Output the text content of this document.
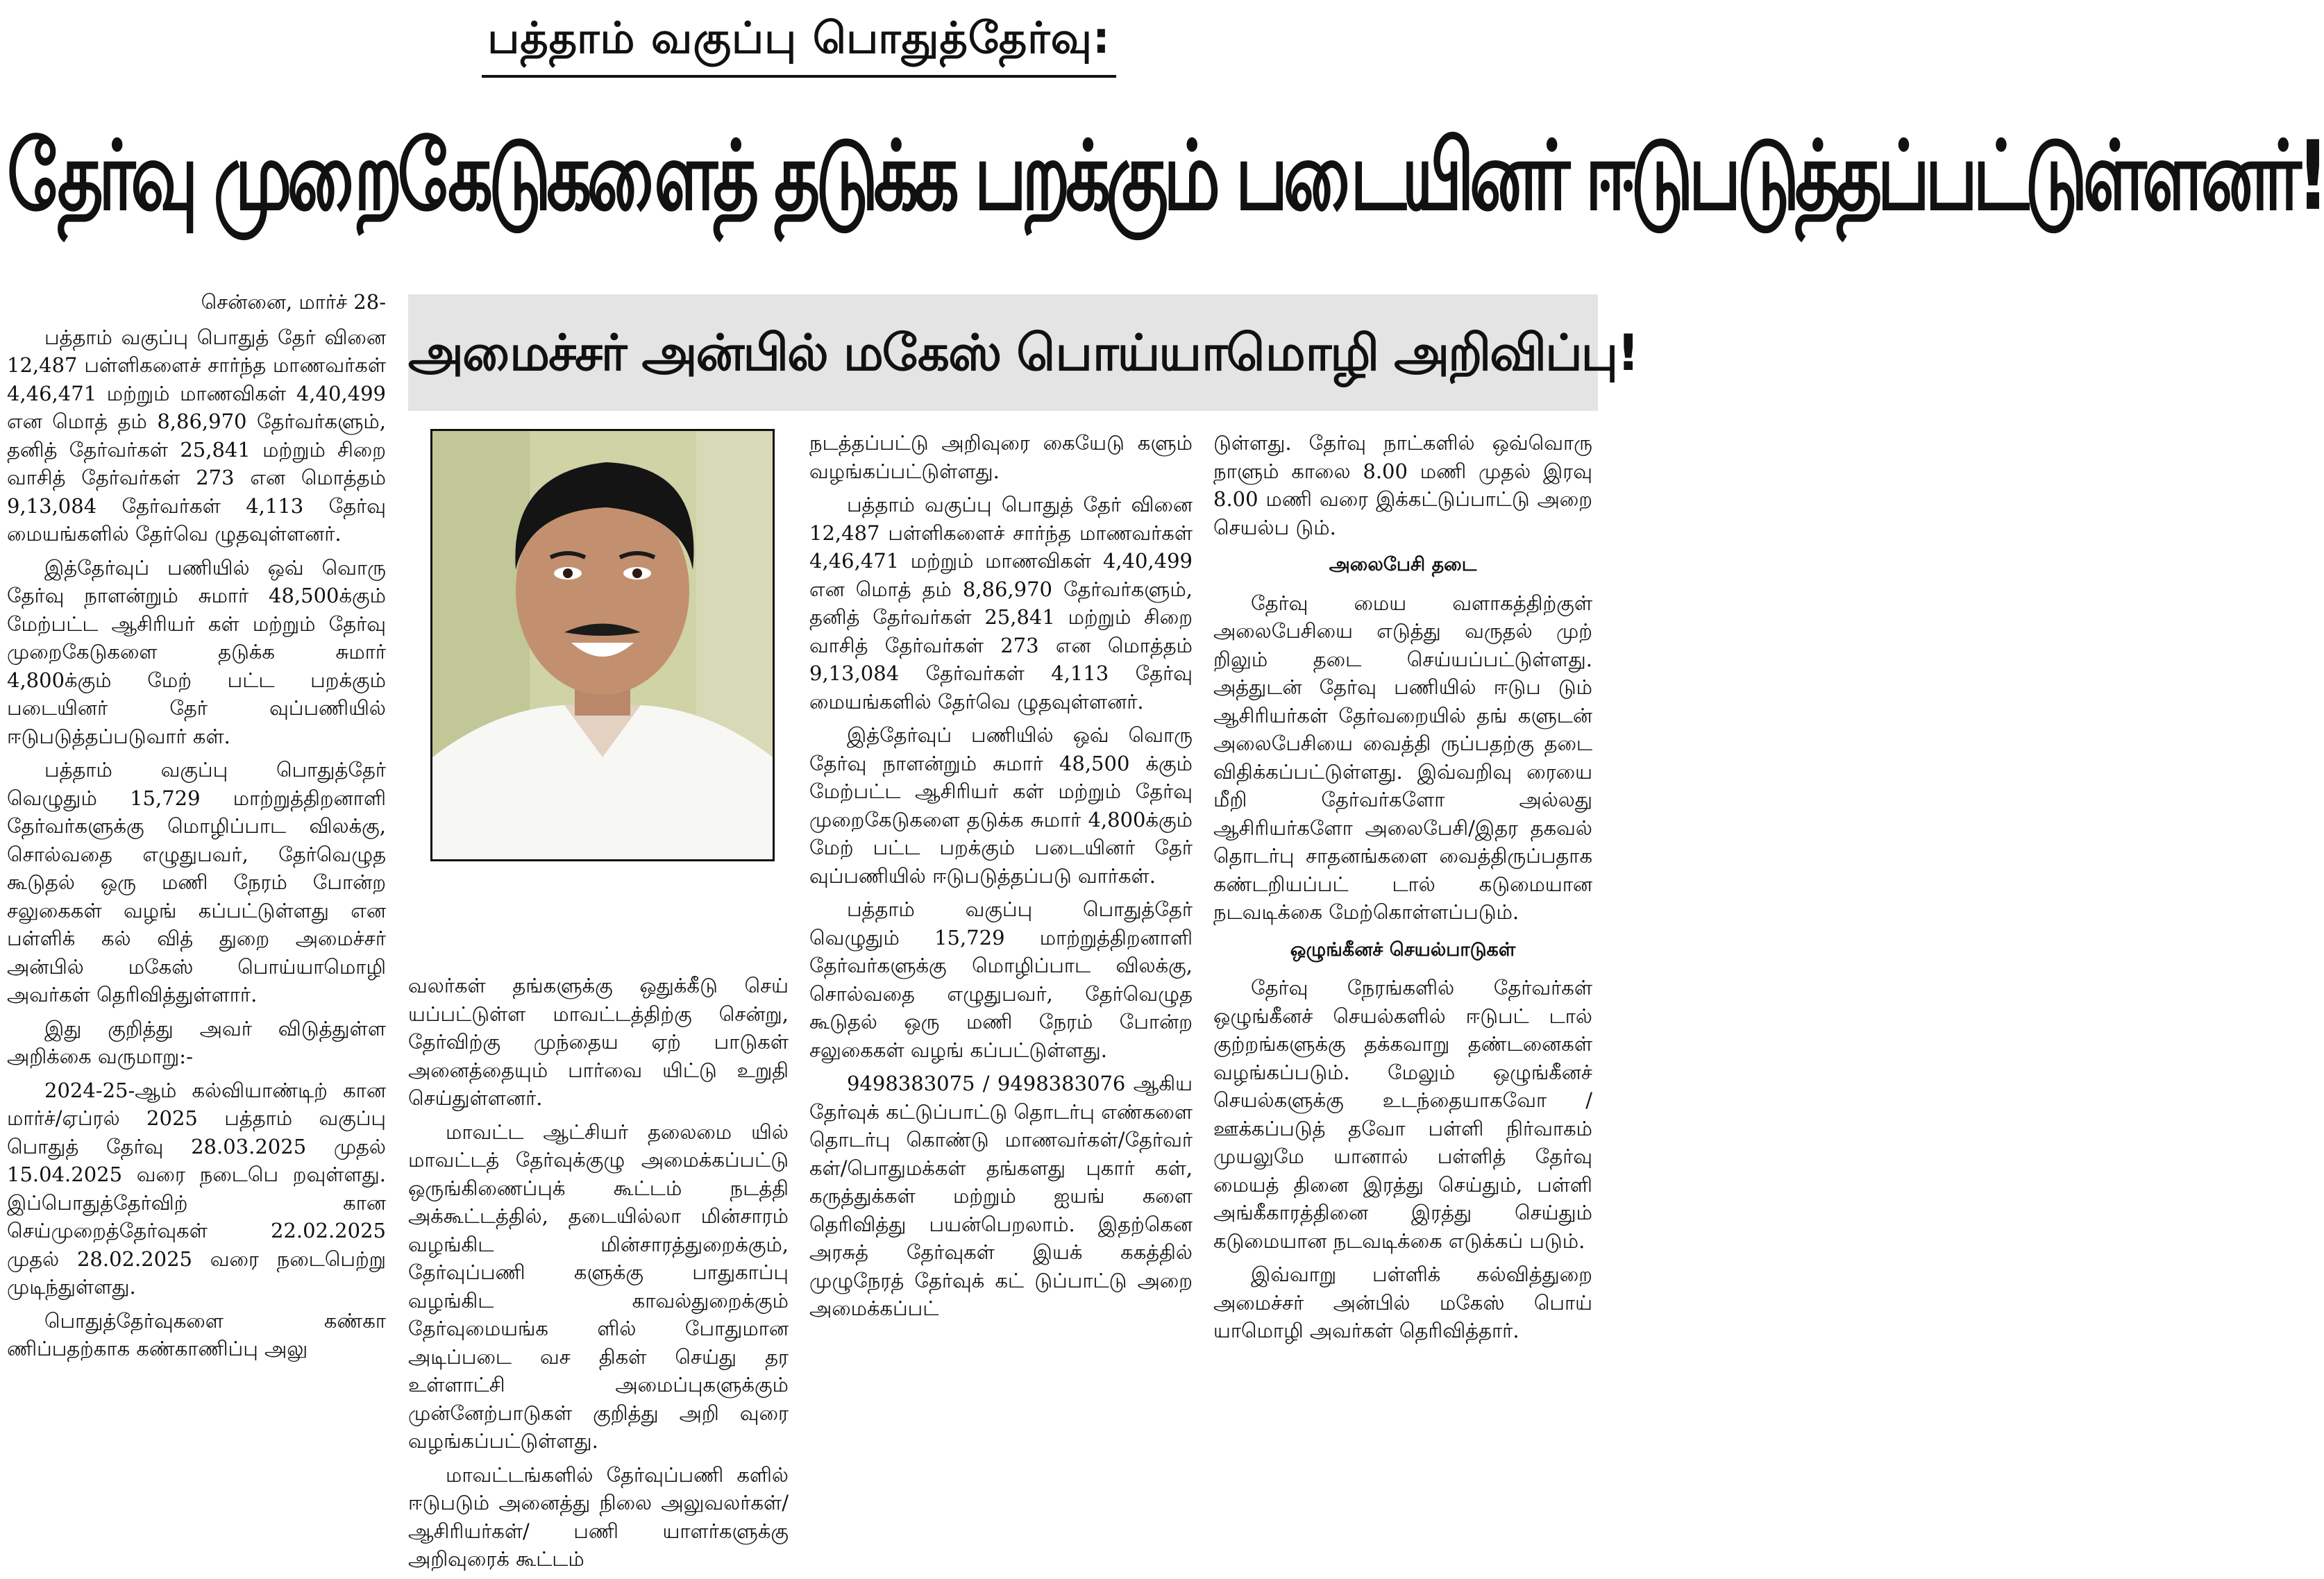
பத்தாம் வகுப்பு பொதுத்தேர்வு:
தேர்வு முறைகேடுகளைத் தடுக்க பறக்கும் படையினர் ஈடுபடுத்தப்பட்டுள்ளனர்!
அமைச்சர் அன்பில் மகேஸ் பொய்யாமொழி அறிவிப்பு!
சென்னை, மார்ச் 28-

பத்தாம் வகுப்பு பொதுத் தேர் வினை 12,487 பள்ளிகளைச் சார்ந்த மாணவர்கள் 4,46,471 மற்றும் மாணவிகள் 4,40,499 என மொத் தம் 8,86,970 தேர்வர்களும், தனித் தேர்வர்கள் 25,841 மற்றும் சிறை வாசித் தேர்வர்கள் 273 என மொத்தம் 9,13,084 தேர்வர்கள் 4,113 தேர்வு மையங்களில் தேர்வெ ழுதவுள்ளனர்.

இத்தேர்வுப் பணியில் ஒவ் வொரு தேர்வு நாளன்றும் சுமார் 48,500க்கும் மேற்பட்ட ஆசிரியர் கள் மற்றும் தேர்வு முறைகேடுகளை தடுக்க சுமார் 4,800க்கும் மேற் பட்ட பறக்கும் படையினர் தேர் வுப்பணியில் ஈடுபடுத்தப்படுவார் கள்.

பத்தாம் வகுப்பு பொதுத்தேர் வெழுதும் 15,729 மாற்றுத்திறனாளி தேர்வர்களுக்கு மொழிப்பாட விலக்கு, சொல்வதை எழுதுபவர், தேர்வெழுத கூடுதல் ஒரு மணி நேரம் போன்ற சலுகைகள் வழங் கப்பட்டுள்ளது என பள்ளிக் கல் வித் துறை அமைச்சர் அன்பில் மகேஸ் பொய்யாமொழி அவர்கள் தெரிவித்துள்ளார்.

இது குறித்து அவர் விடுத்துள்ள அறிக்கை வருமாறு:-

2024-25-ஆம் கல்வியாண்டிற் கான மார்ச்/ஏப்ரல் 2025 பத்தாம் வகுப்பு பொதுத் தேர்வு 28.03.2025 முதல் 15.04.2025 வரை நடைபெ றவுள்ளது. இப்பொதுத்தேர்விற் கான செய்முறைத்தேர்வுகள் 22.02.2025 முதல் 28.02.2025 வரை நடைபெற்று முடிந்துள்ளது.

பொதுத்தேர்வுகளை கண்கா ணிப்பதற்காக கண்காணிப்பு அலு

வலர்கள் தங்களுக்கு ஒதுக்கீடு செய் யப்பட்டுள்ள மாவட்டத்திற்கு சென்று, தேர்விற்கு முந்தைய ஏற் பாடுகள் அனைத்தையும் பார்வை யிட்டு உறுதி செய்துள்ளனர்.

மாவட்ட ஆட்சியர் தலைமை யில் மாவட்டத் தேர்வுக்குழு அமைக்கப்பட்டு ஒருங்கிணைப்புக் கூட்டம் நடத்தி அக்கூட்டத்தில், தடையில்லா மின்சாரம் வழங்கிட மின்சாரத்துறைக்கும், தேர்வுப்பணி களுக்கு பாதுகாப்பு வழங்கிட காவல்துறைக்கும் தேர்வுமையங்க ளில் போதுமான அடிப்படை வச திகள் செய்து தர உள்ளாட்சி அமைப்புகளுக்கும் முன்னேற்பாடுகள் குறித்து அறி வுரை வழங்கப்பட்டுள்ளது.

மாவட்டங்களில் தேர்வுப்பணி களில் ஈடுபடும் அனைத்து நிலை அலுவலர்கள்/ ஆசிரியர்கள்/ பணி யாளர்களுக்கு அறிவுரைக் கூட்டம்

நடத்தப்பட்டு அறிவுரை கையேடு களும் வழங்கப்பட்டுள்ளது.

பத்தாம் வகுப்பு பொதுத் தேர் வினை 12,487 பள்ளிகளைச் சார்ந்த மாணவர்கள் 4,46,471 மற்றும் மாணவிகள் 4,40,499 என மொத் தம் 8,86,970 தேர்வர்களும், தனித் தேர்வர்கள் 25,841 மற்றும் சிறை வாசித் தேர்வர்கள் 273 என மொத்தம் 9,13,084 தேர்வர்கள் 4,113 தேர்வு மையங்களில் தேர்வெ ழுதவுள்ளனர்.

இத்தேர்வுப் பணியில் ஒவ் வொரு தேர்வு நாளன்றும் சுமார் 48,500 க்கும் மேற்பட்ட ஆசிரியர் கள் மற்றும் தேர்வு முறைகேடுகளை தடுக்க சுமார் 4,800க்கும் மேற் பட்ட பறக்கும் படையினர் தேர் வுப்பணியில் ஈடுபடுத்தப்படு வார்கள்.

பத்தாம் வகுப்பு பொதுத்தேர் வெழுதும் 15,729 மாற்றுத்திறனாளி தேர்வர்களுக்கு மொழிப்பாட விலக்கு, சொல்வதை எழுதுபவர், தேர்வெழுத கூடுதல் ஒரு மணி நேரம் போன்ற சலுகைகள் வழங் கப்பட்டுள்ளது.

9498383075 / 9498383076 ஆகிய தேர்வுக் கட்டுப்பாட்டு தொடர்பு எண்களை தொடர்பு கொண்டு மாணவர்கள்/தேர்வர் கள்/பொதுமக்கள் தங்களது புகார் கள், கருத்துக்கள் மற்றும் ஐயங் களை தெரிவித்து பயன்பெறலாம். இதற்கென அரசுத் தேர்வுகள் இயக் ககத்தில் முழுநேரத் தேர்வுக் கட் டுப்பாட்டு அறை அமைக்கப்பட்

டுள்ளது. தேர்வு நாட்களில் ஒவ்வொரு நாளும் காலை 8.00 மணி முதல் இரவு 8.00 மணி வரை இக்கட்டுப்பாட்டு அறை செயல்ப டும்.

அலைபேசி தடை

தேர்வு மைய வளாகத்திற்குள் அலைபேசியை எடுத்து வருதல் முற் றிலும் தடை செய்யப்பட்டுள்ளது. அத்துடன் தேர்வு பணியில் ஈடுப டும் ஆசிரியர்கள் தேர்வறையில் தங் களுடன் அலைபேசியை வைத்தி ருப்பதற்கு தடை விதிக்கப்பட்டுள்ளது. இவ்வறிவு ரையை மீறி தேர்வர்களோ அல்லது ஆசிரியர்களோ அலைபேசி/இதர தகவல் தொடர்பு சாதனங்களை வைத்திருப்பதாக கண்டறியப்பட் டால் கடுமையான நடவடிக்கை மேற்கொள்ளப்படும்.

ஒழுங்கீனச் செயல்பாடுகள்

தேர்வு நேரங்களில் தேர்வர்கள் ஒழுங்கீனச் செயல்களில் ஈடுபட் டால் குற்றங்களுக்கு தக்கவாறு தண்டனைகள் வழங்கப்படும். மேலும் ஒழுங்கீனச் செயல்களுக்கு உடந்தையாகவோ / ஊக்கப்படுத் தவோ பள்ளி நிர்வாகம் முயலுமே யானால் பள்ளித் தேர்வு மையத் தினை இரத்து செய்தும், பள்ளி அங்கீகாரத்தினை இரத்து செய்தும் கடுமையான நடவடிக்கை எடுக்கப் படும்.

இவ்வாறு பள்ளிக் கல்வித்துறை அமைச்சர் அன்பில் மகேஸ் பொய் யாமொழி அவர்கள் தெரிவித்தார்.
